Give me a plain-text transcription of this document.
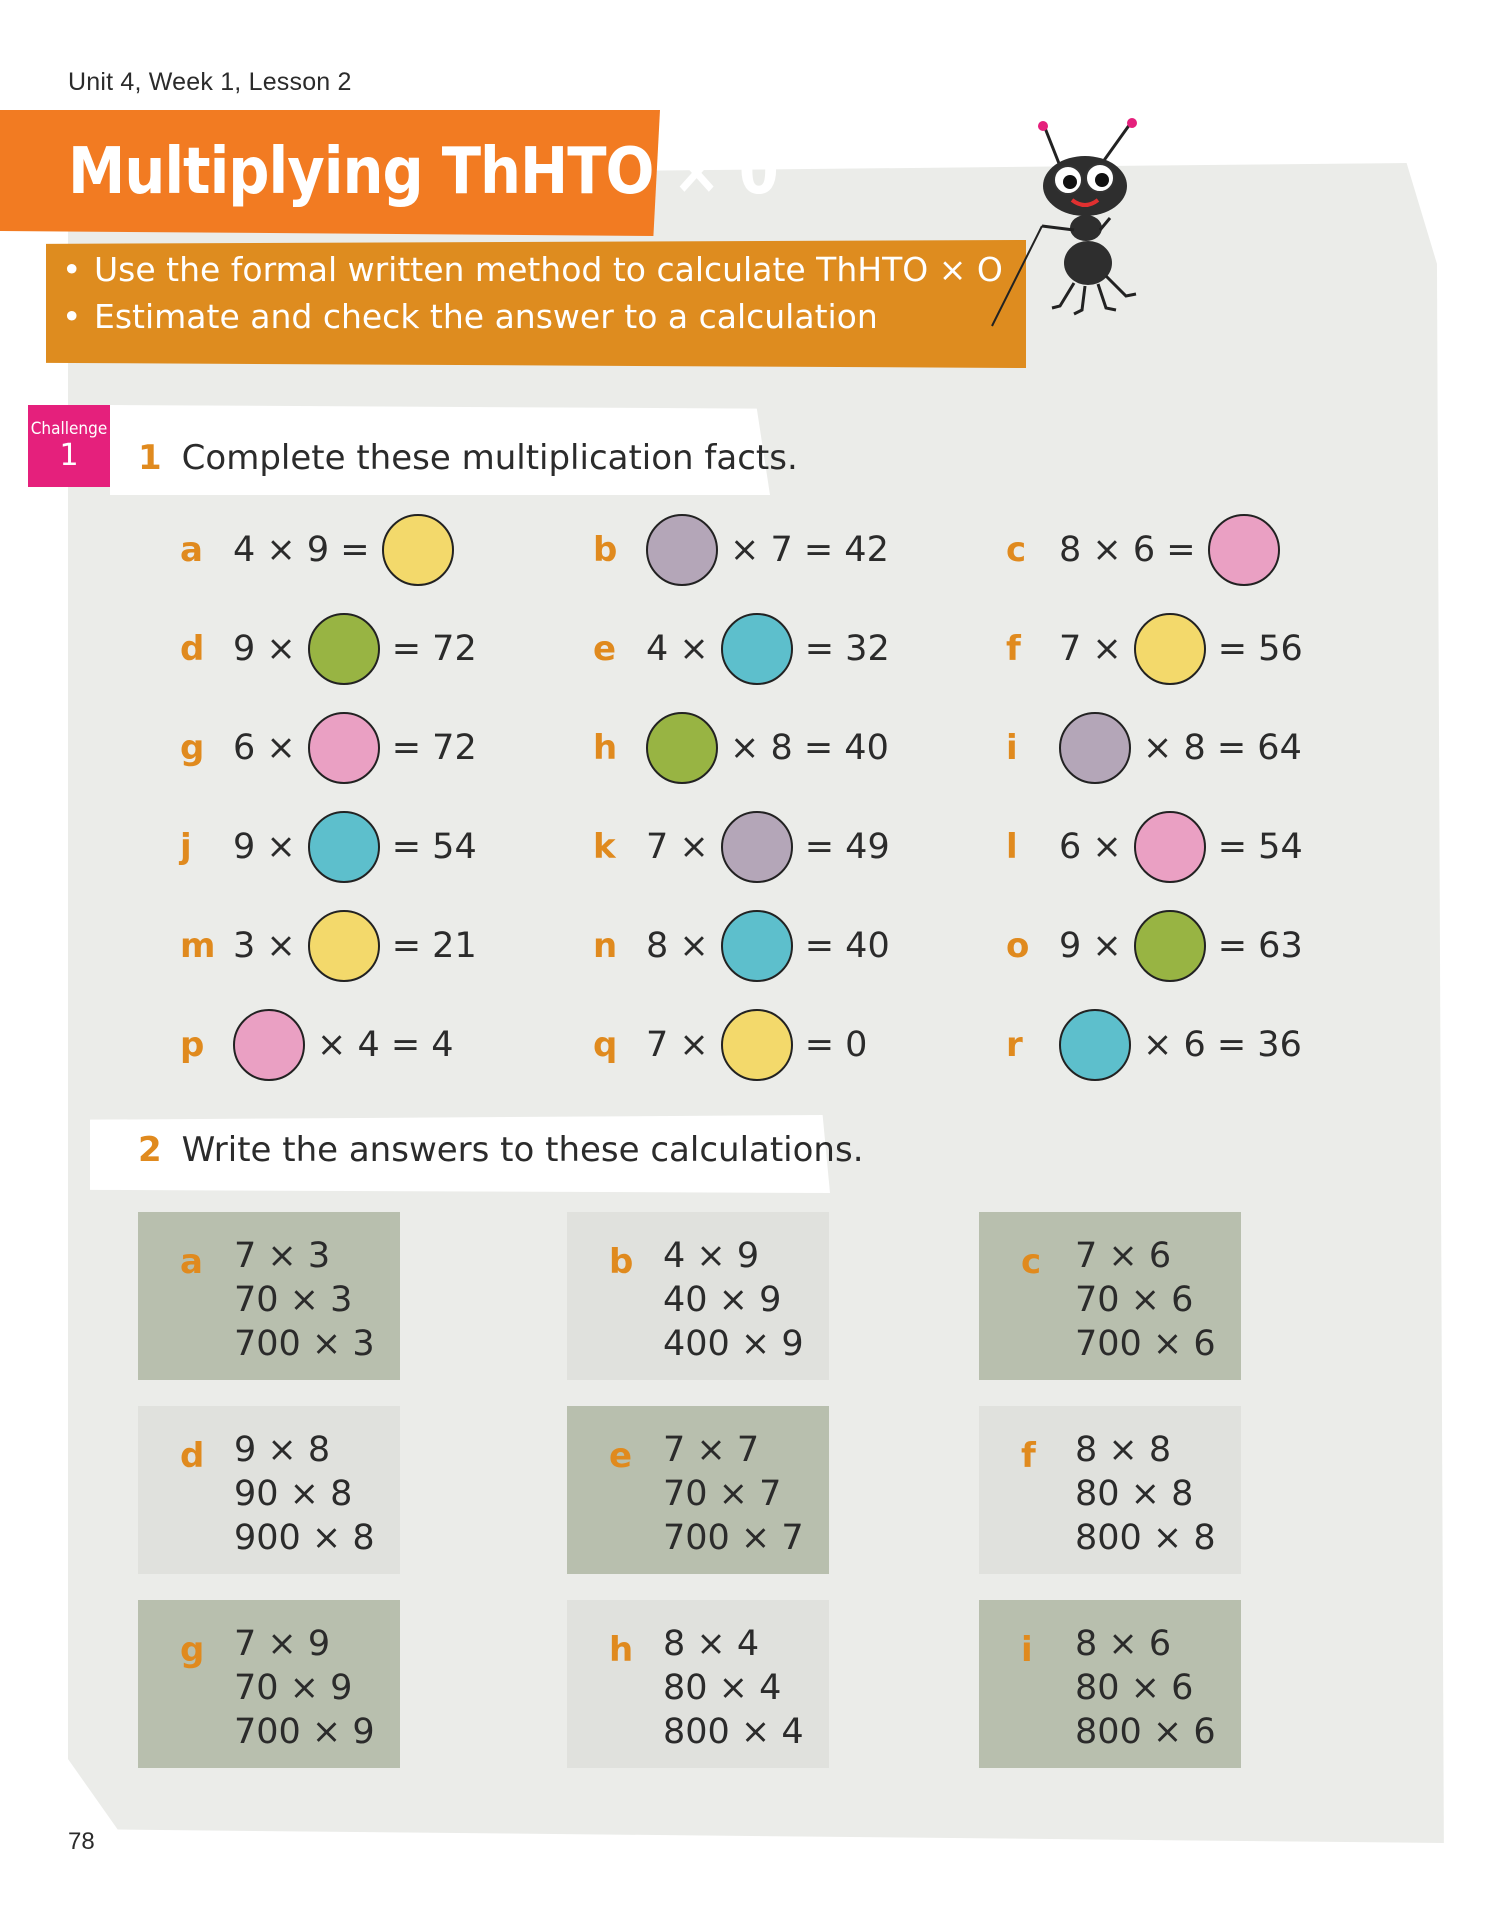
Unit 4, Week 1, Lesson 2
Multiplying ThHTO × 0
• Use the formal written method to calculate ThHTO × O
• Estimate and check the answer to a calculation
Challenge
1	1 Complete these multiplication facts.
a 4 × 9 =	b	× 7 = 42	c 8 × 6 =
d 9 ×	= 72	e 4 ×	= 32	f	7 ×	= 56
g 6 ×	= 72	h	× 8 = 40	i	× 8 = 64
j	9 ×	= 54	k 7 ×	= 49	l	6 ×	= 54
m 3 ×	= 21	n 8 ×	= 40	o 9 ×	= 63
p	× 4 = 4	q 7 ×	= 0	r	× 6 = 36
2 Write the answers to these calculations.
a 7 × 3
70 × 3
700 × 3
b 4 × 9
40 × 9
400 × 9
c 7 × 6
70 × 6
700 × 6
d 9 × 8
90 × 8
900 × 8
e 7 × 7
70 × 7
700 × 7
f 8 × 8
80 × 8
800 × 8
g 7 × 9
70 × 9
700 × 9
h 8 × 4
80 × 4
800 × 4
i 8 × 6
80 × 6
800 × 6
78
